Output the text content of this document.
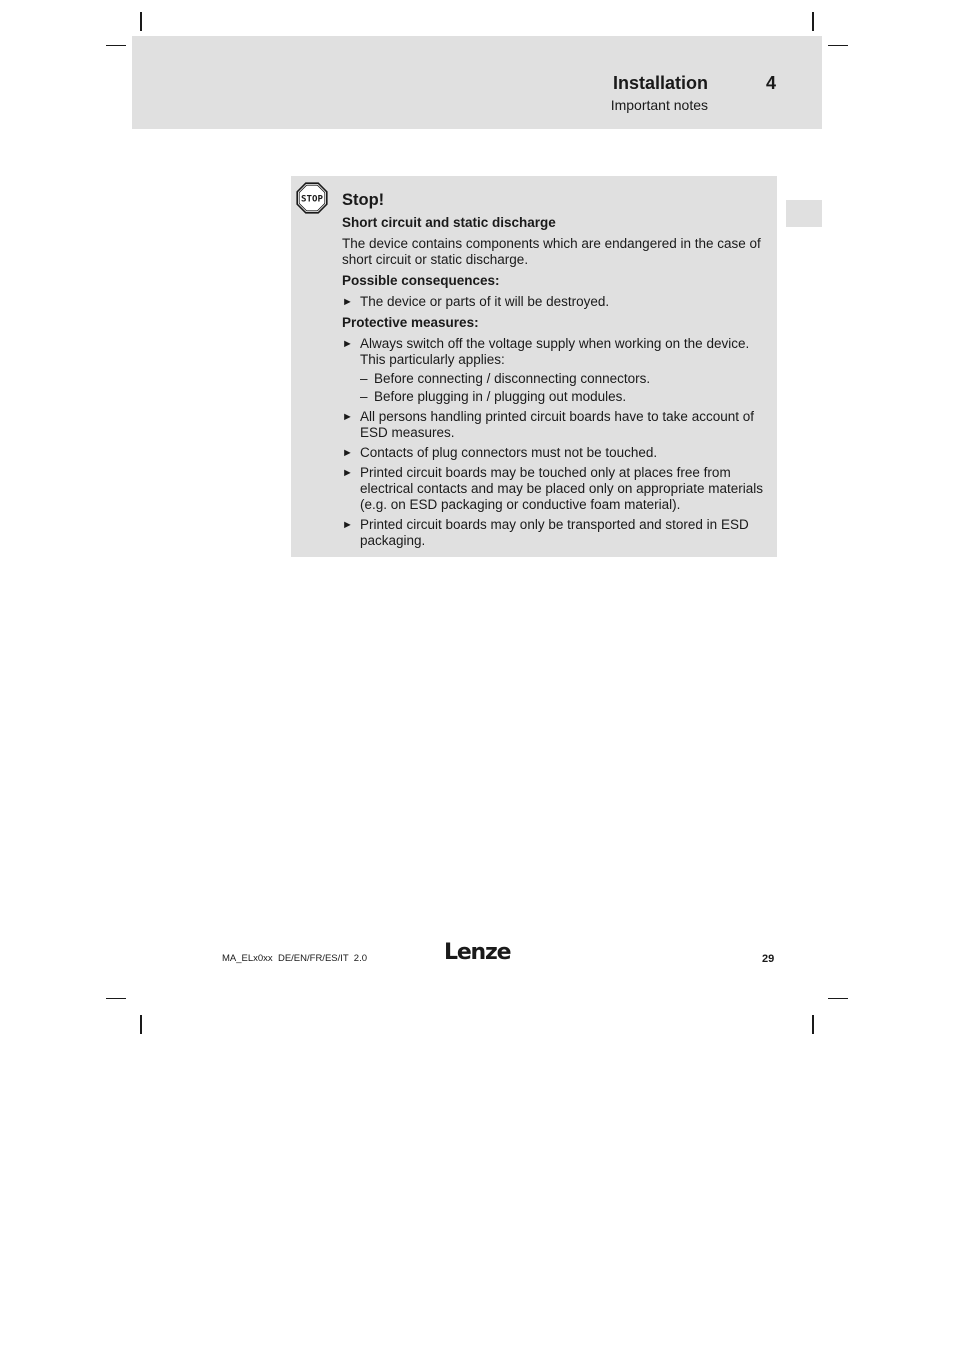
Installation	4
Important notes
STOP Stop!
Short circuit and static discharge
The device contains components which are endangered in the case of short circuit or static discharge.
Possible consequences:
► The device or parts of it will be destroyed.
Protective measures:
► Always switch off the voltage supply when working on the device. This particularly applies:
– Before connecting / disconnecting connectors.
– Before plugging in / plugging out modules.
► All persons handling printed circuit boards have to take account of ESD measures.
► Contacts of plug connectors must not be touched.
► Printed circuit boards may be touched only at places free from electrical contacts and may be placed only on appropriate materials (e.g. on ESD packaging or conductive foam material).
► Printed circuit boards may only be transported and stored in ESD packaging.
MA_ELx0xx  DE/EN/FR/ES/IT  2.0	Lenze	29
